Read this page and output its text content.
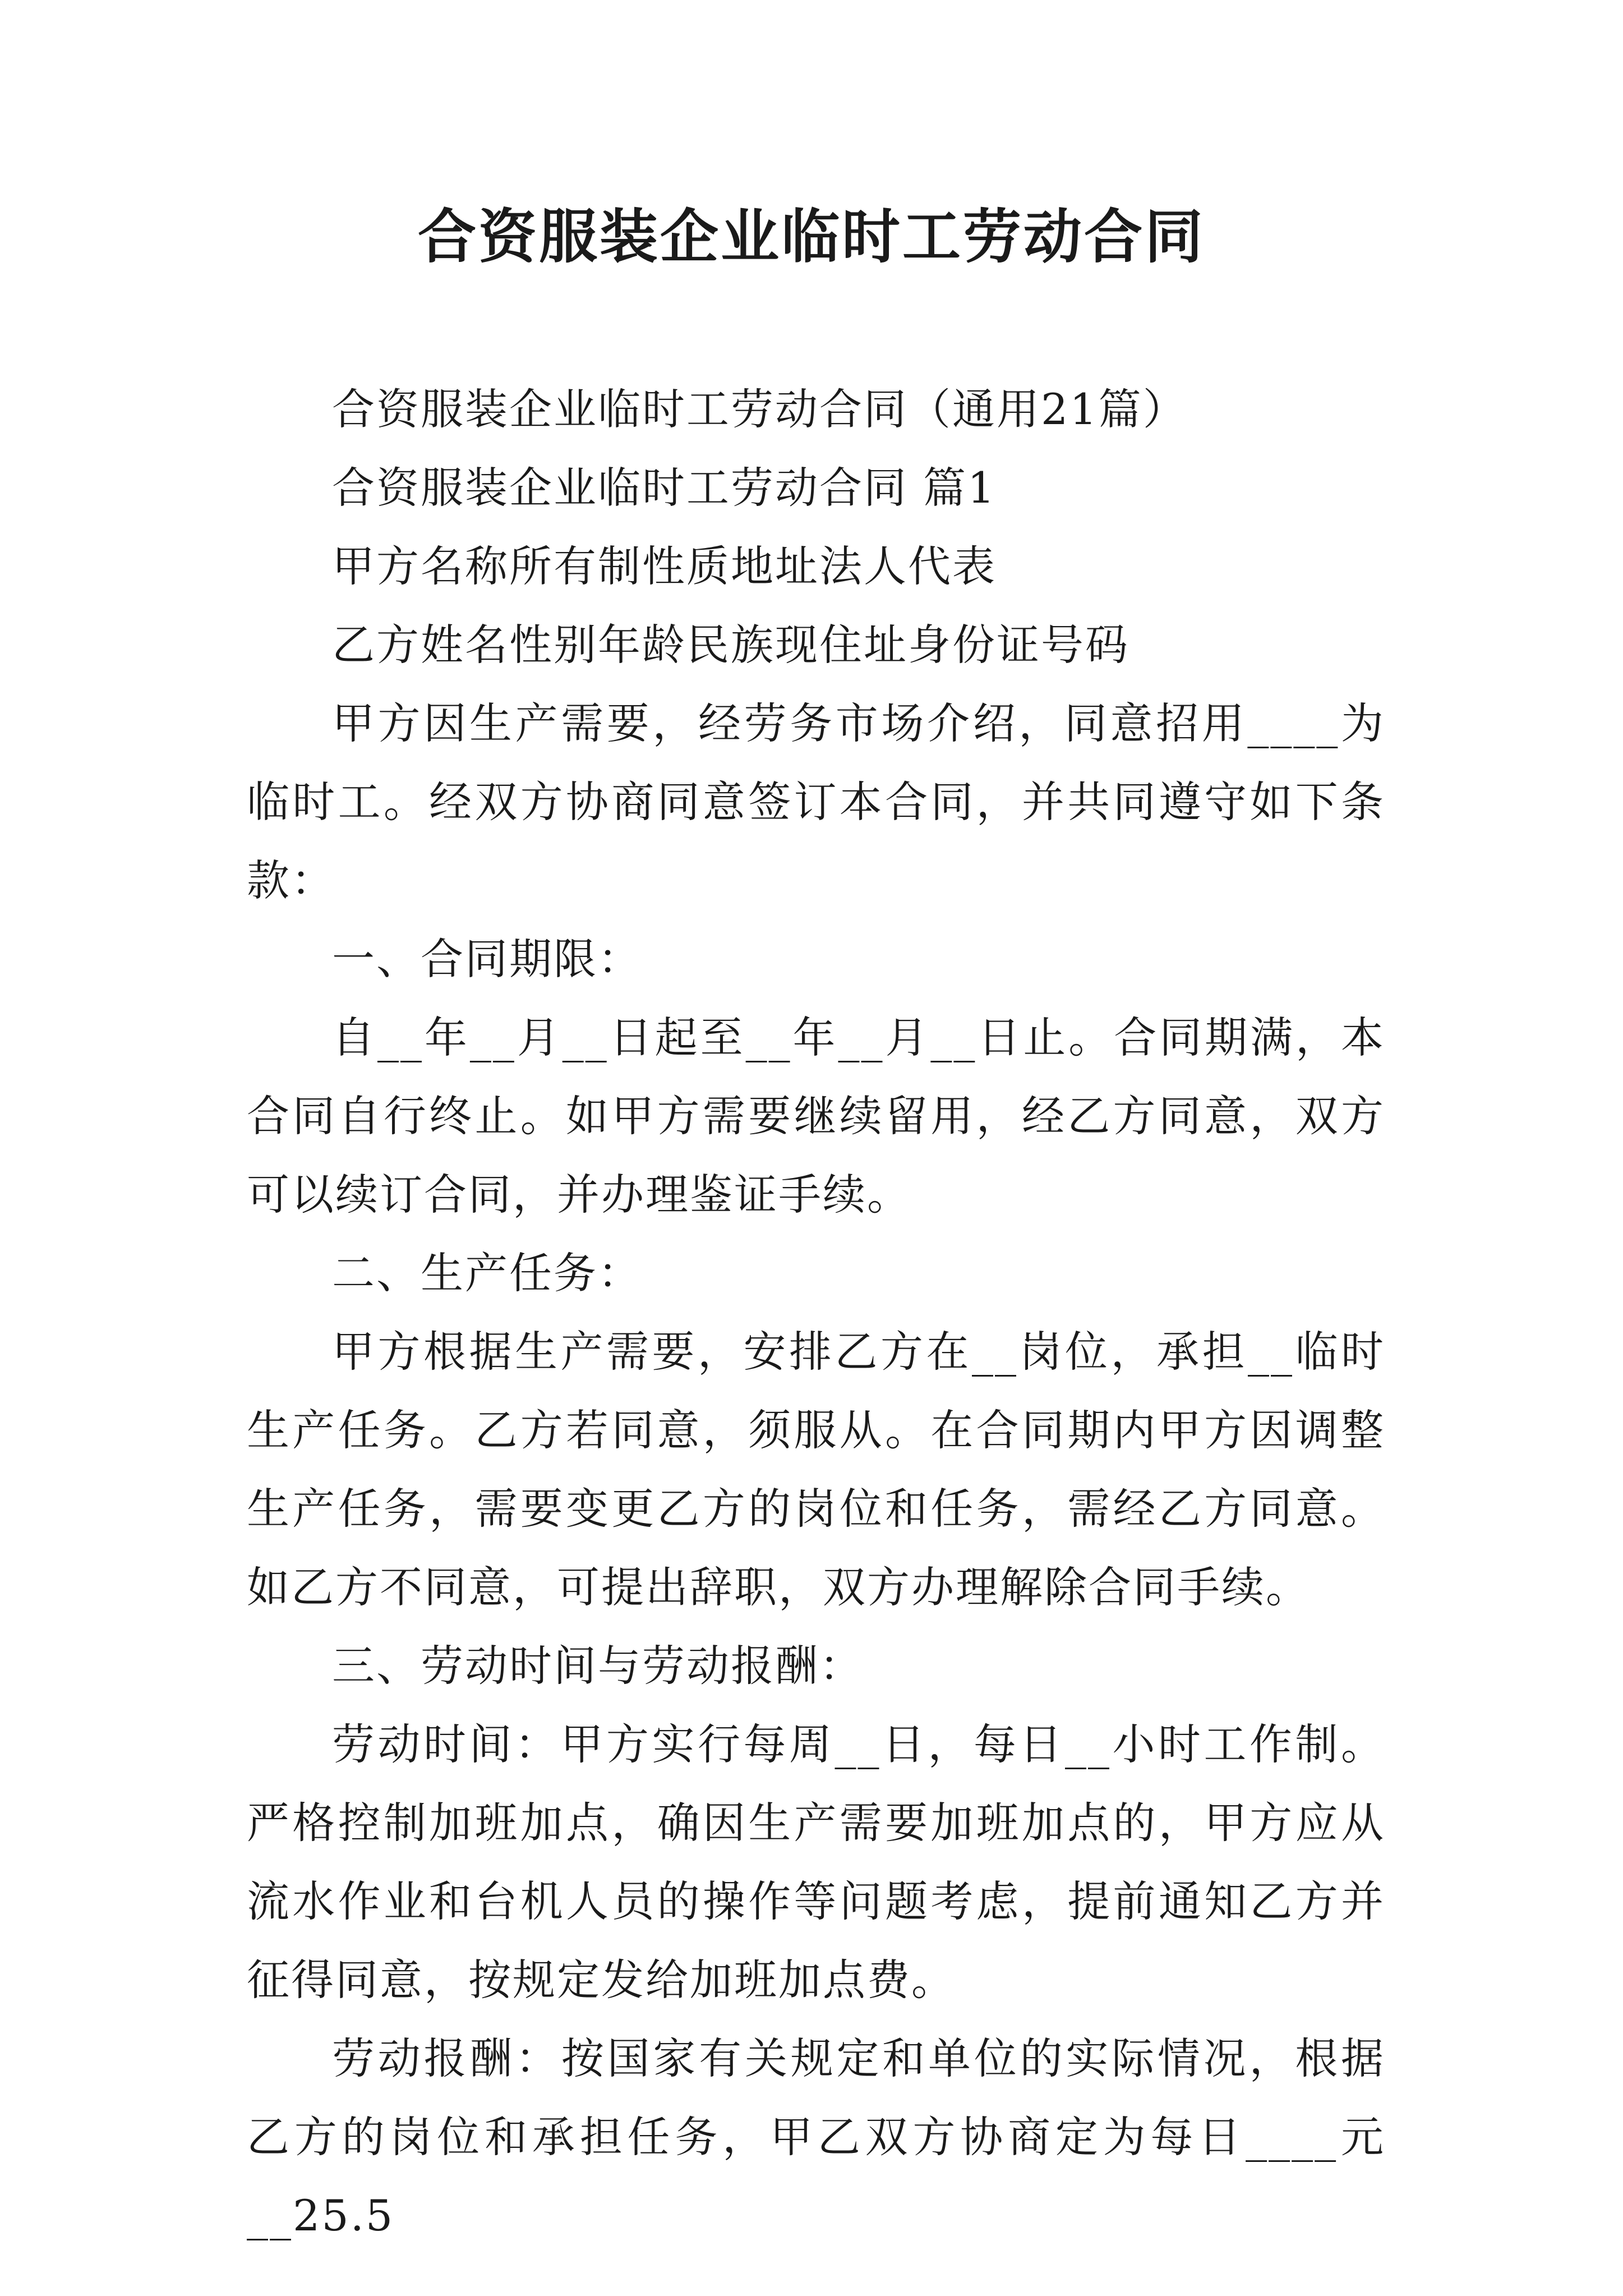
合资服装企业临时工劳动合同

合资服装企业临时工劳动合同（通用21篇）

合资服装企业临时工劳动合同 篇1

甲方名称所有制性质地址法人代表

乙方姓名性别年龄民族现住址身份证号码

甲方因生产需要，经劳务市场介绍，同意招用____为临时工。经双方协商同意签订本合同，并共同遵守如下条款：

一、合同期限：

自__年__月__日起至__年__月__日止。合同期满，本合同自行终止。如甲方需要继续留用，经乙方同意，双方可以续订合同，并办理鉴证手续。

二、生产任务：

甲方根据生产需要，安排乙方在__岗位，承担__临时生产任务。乙方若同意，须服从。在合同期内甲方因调整生产任务，需要变更乙方的岗位和任务，需经乙方同意。如乙方不同意，可提出辞职，双方办理解除合同手续。

三、劳动时间与劳动报酬：

劳动时间：甲方实行每周__日，每日__小时工作制。严格控制加班加点，确因生产需要加班加点的，甲方应从流水作业和台机人员的操作等问题考虑，提前通知乙方并征得同意，按规定发给加班加点费。

劳动报酬：按国家有关规定和单位的实际情况，根据乙方的岗位和承担任务，甲乙双方协商定为每日____元__25.5
